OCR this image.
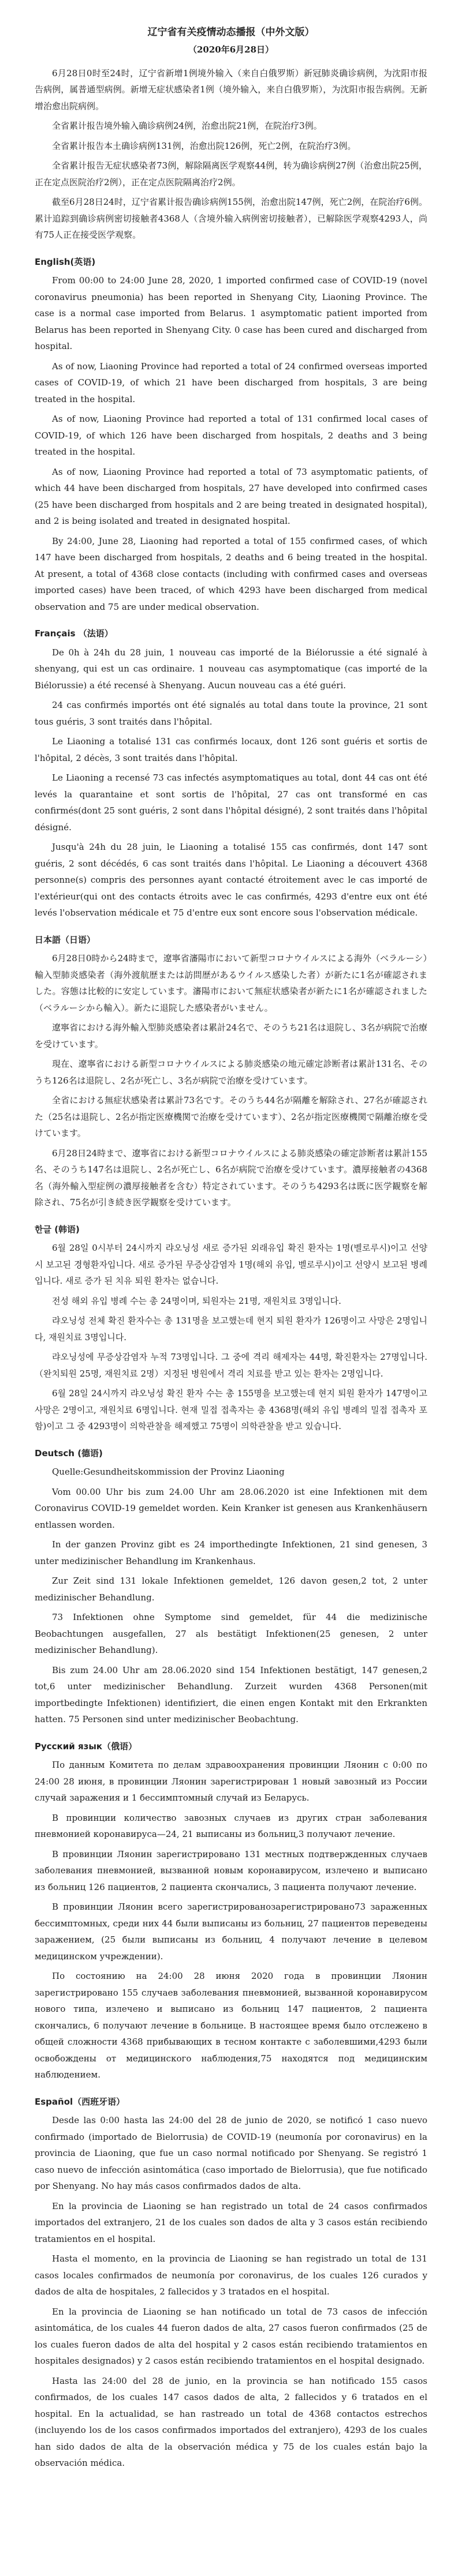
辽宁省有关疫情动态播报（中外文版）

（2020年6月28日）

6月28日0时至24时，辽宁省新增1例境外输入（来自白俄罗斯）新冠肺炎确诊病例，为沈阳市报告病例，属普通型病例。新增无症状感染者1例（境外输入，来自白俄罗斯），为沈阳市报告病例。无新增治愈出院病例。

全省累计报告境外输入确诊病例24例，治愈出院21例，在院治疗3例。

全省累计报告本土确诊病例131例，治愈出院126例，死亡2例，在院治疗3例。

全省累计报告无症状感染者73例，解除隔离医学观察44例，转为确诊病例27例（治愈出院25例，正在定点医院治疗2例），正在定点医院隔离治疗2例。

截至6月28日24时，辽宁省累计报告确诊病例155例，治愈出院147例，死亡2例，在院治疗6例。累计追踪到确诊病例密切接触者4368人（含境外输入病例密切接触者），已解除医学观察4293人，尚有75人正在接受医学观察。

English(英语)

From 00:00 to 24:00 June 28, 2020, 1 imported confirmed case of COVID-19 (novel coronavirus pneumonia) has been reported in Shenyang City, Liaoning Province. The case is a normal case imported from Belarus. 1 asymptomatic patient imported from Belarus has been reported in Shenyang City. 0 case has been cured and discharged from hospital.

As of now, Liaoning Province had reported a total of 24 confirmed overseas imported cases of COVID-19, of which 21 have been discharged from hospitals, 3 are being treated in the hospital.

As of now, Liaoning Province had reported a total of 131 confirmed local cases of COVID-19, of which 126 have been discharged from hospitals, 2 deaths and 3 being treated in the hospital.

As of now, Liaoning Province had reported a total of 73 asymptomatic patients, of which 44 have been discharged from hospitals, 27 have developed into confirmed cases (25 have been discharged from hospitals and 2 are being treated in designated hospital), and 2 is being isolated and treated in designated hospital.

By 24:00, June 28, Liaoning had reported a total of 155 confirmed cases, of which 147 have been discharged from hospitals, 2 deaths and 6 being treated in the hospital. At present, a total of 4368 close contacts (including with confirmed cases and overseas imported cases) have been traced, of which 4293 have been discharged from medical observation and 75 are under medical observation.

Français （法语）

De 0h à 24h du 28 juin, 1 nouveau cas importé de la Biélorussie a été signalé à shenyang, qui est un cas ordinaire. 1 nouveau cas asymptomatique (cas importé de la Biélorussie) a été recensé à Shenyang. Aucun nouveau cas a été guéri.

24 cas confirmés importés ont été signalés au total dans toute la province, 21 sont tous guéris, 3 sont traités dans l'hôpital.

Le Liaoning a totalisé 131 cas confirmés locaux, dont 126 sont guéris et sortis de l'hôpital, 2 décès, 3 sont traités dans l'hôpital.

Le Liaoning a recensé 73 cas infectés asymptomatiques au total, dont 44 cas ont été levés la quarantaine et sont sortis de l'hôpital, 27 cas ont transformé en cas confirmés(dont 25 sont guéris, 2 sont dans l'hôpital désigné), 2 sont traités dans l'hôpital désigné.

Jusqu'à 24h du 28 juin, le Liaoning a totalisé 155 cas confirmés, dont 147 sont guéris, 2 sont décédés, 6 cas sont traités dans l'hôpital. Le Liaoning a découvert 4368 personne(s) compris des personnes ayant contacté étroitement avec le cas importé de l'extérieur(qui ont des contacts étroits avec le cas confirmés, 4293 d'entre eux ont été levés l'observation médicale et 75 d'entre eux sont encore sous l'observation médicale.

日本語（日语）

6月28日0時から24時まで，遼寧省瀋陽市において新型コロナウイルスによる海外（ベラルーシ）輸入型肺炎感染者（海外渡航歴または訪問歴があるウイルス感染した者）が新たに1名が確認されました。容態は比較的に安定しています。瀋陽市において無症状感染者が新たに1名が確認されました（ベラルーシから輸入）。新たに退院した感染者がいません。

遼寧省における海外輸入型肺炎感染者は累計24名で、そのうち21名は退院し、3名が病院で治療を受けています。

現在、遼寧省における新型コロナウイルスによる肺炎感染の地元確定診断者は累計131名、そのうち126名は退院し、2名が死亡し、3名が病院で治療を受けています。

全省における無症状感染者は累計73名です。そのうち44名が隔離を解除され、27名が確認された（25名は退院し、2名が指定医療機関で治療を受けています）、2名が指定医療機関で隔離治療を受けています。

6月28日24時まで、遼寧省における新型コロナウイルスによる肺炎感染の確定診断者は累計155名、そのうち147名は退院し、2名が死亡し、6名が病院で治療を受けています。濃厚接触者の4368名（海外輸入型症例の濃厚接触者を含む）特定されています。そのうち4293名は既に医学観察を解除され、75名が引き続き医学観察を受けています。

한글 (韩语)

6월 28일 0시부터 24시까지 랴오닝성 새로 증가된 외래유입 확진 환자는 1명(벨로루시)이고 선양시 보고된 경형환자입니다. 새로 증가된 무증상감염자 1명(해외 유입, 벨로루시)이고 선양시 보고된 병례입니다. 새로 증가 된 치유 퇴원 환자는 없습니다.

전성 해외 유입 병례 수는 총 24명이며, 퇴원자는 21명, 재원치료 3명입니다.

랴오닝성 전체 확진 환자수는 총 131명을 보고했는데 현지 퇴원 환자가 126명이고 사망은 2명입니다, 재원치료 3명입니다.

랴오닝성에 무증상감염자 누적 73명입니다. 그 중에 격리 해제자는 44명, 확진환자는 27명입니다.（완치퇴원 25명, 재원치료 2명）지정된 병원에서 격리 치료를 받고 있는 환자는 2명입니다.

6월 28일 24시까지 랴오닝성 확진 환자 수는 총 155명을 보고했는데 현지 퇴원 환자가 147명이고 사망은 2명이고, 재원치료 6명입니다. 현재 밀접 접촉자는 총 4368명(해외 유입 병례의 밀접 접촉자 포함)이고 그 중 4293명이 의학관찰을 해제했고 75명이 의학관찰을 받고 있습니다.

Deutsch (德语)

Quelle:Gesundheitskommission der Provinz Liaoning

Vom 00.00 Uhr bis zum 24.00 Uhr am 28.06.2020 ist eine Infektionen mit dem Coronavirus COVID-19 gemeldet worden. Kein Kranker ist genesen aus Krankenhäusern entlassen worden.

In der ganzen Provinz gibt es 24 importhedingte Infektionen, 21 sind genesen, 3 unter medizinischer Behandlung im Krankenhaus.

Zur Zeit sind 131 lokale Infektionen gemeldet, 126 davon gesen,2 tot, 2 unter medizinischer Behandlung.

73 Infektionen ohne Symptome sind gemeldet, für 44 die medizinische Beobachtungen ausgefallen, 27 als bestätigt Infektionen(25 genesen, 2 unter medizinischer Behandlung).

Bis zum 24.00 Uhr am 28.06.2020 sind 154 Infektionen bestätigt, 147 genesen,2 tot,6 unter medizinischer Behandlung. Zurzeit wurden 4368 Personen(mit importbedingte Infektionen) identifiziert, die einen engen Kontakt mit den Erkrankten hatten. 75 Personen sind unter medizinischer Beobachtung.

Русский язык（俄语）

По данным Комитета по делам здравоохранения провинции Ляонин с 0:00 по 24:00 28 июня, в провинции Ляонин зарегистрирован 1 новый завозный из России случай заражения и 1 бессимптомный случай из Беларусь.

В провинции количество завозных случаев из других стран заболевания пневмонией коронавируса—24, 21 выписаны из больниц,3 получают лечение.

В провинции Ляонин зарегистрировано 131 местных подтвержденных случаев заболевания пневмонией, вызванной новым коронавирусом, излечено и выписано из больниц 126 пациентов, 2 пациента скончались, 3 пациента получают лечение.

В провинции Ляонин всего зарегистрированозарегистрировано73 зараженных бессимптомных, среди них 44 были выписаны из больниц, 27 пациентов переведены заражением, (25 были выписаны из больниц, 4 получают лечение в целевом медицинском учреждении).

По состоянию на 24:00 28 июня 2020 года в провинции Ляонин зарегистрировано 155 случаев заболевания пневмонией, вызванной коронавирусом нового типа, излечено и выписано из больниц 147 пациентов, 2 пациента скончались, 6 получают лечение в больнице. В настоящее время было отслежено в общей сложности 4368 прибывающих в тесном контакте с заболевшими,4293 были освобождены от медицинского наблюдения,75 находятся под медицинским наблюдением.

Español（西班牙语）

Desde las 0:00 hasta las 24:00 del 28 de junio de 2020, se notificó 1 caso nuevo confirmado (importado de Bielorrusia) de COVID-19 (neumonía por coronavirus) en la provincia de Liaoning, que fue un caso normal notificado por Shenyang. Se registró 1 caso nuevo de infección asintomática (caso importado de Bielorrusia), que fue notificado por Shenyang. No hay más casos confirmados dados de alta.

En la provincia de Liaoning se han registrado un total de 24 casos confirmados importados del extranjero, 21 de los cuales son dados de alta y 3 casos están recibiendo tratamientos en el hospital.

Hasta el momento, en la provincia de Liaoning se han registrado un total de 131 casos locales confirmados de neumonía por coronavirus, de los cuales 126 curados y dados de alta de hospitales, 2 fallecidos y 3 tratados en el hospital.

En la provincia de Liaoning se han notificado un total de 73 casos de infección asintomática, de los cuales 44 fueron dados de alta, 27 casos fueron confirmados (25 de los cuales fueron dados de alta del hospital y 2 casos están recibiendo tratamientos en hospitales designados) y 2 casos están recibiendo tratamientos en el hospital designado.

Hasta las 24:00 del 28 de junio, en la provincia se han notificado 155 casos confirmados, de los cuales 147 casos dados de alta, 2 fallecidos y 6 tratados en el hospital. En la actualidad, se han rastreado un total de 4368 contactos estrechos (incluyendo los de los casos confirmados importados del extranjero), 4293 de los cuales han sido dados de alta de la observación médica y 75 de los cuales están bajo la observación médica.
